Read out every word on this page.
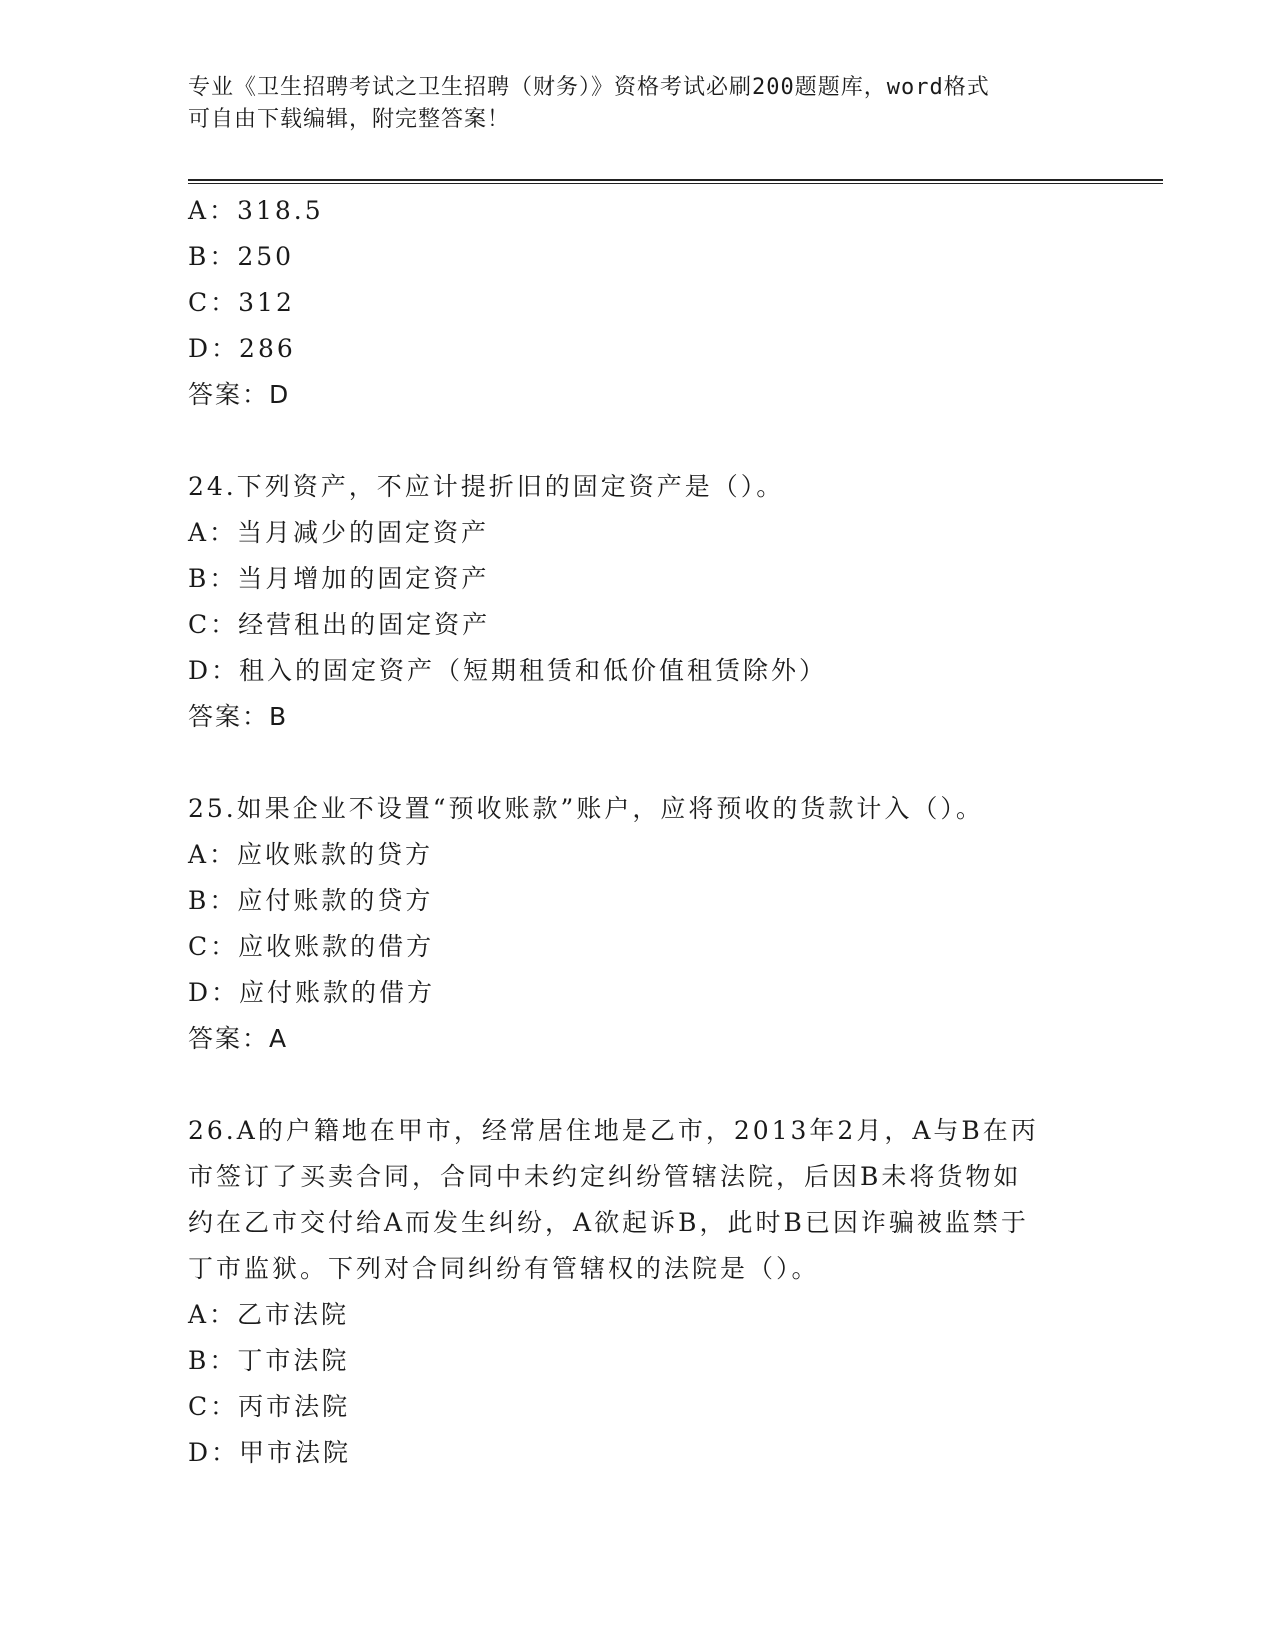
专业《卫生招聘考试之卫生招聘（财务）》资格考试必刷200题题库，word格式
可自由下载编辑，附完整答案！
A：318.5
B：250
C：312
D：286
答案：D
24.下列资产，不应计提折旧的固定资产是（）。
A：当月减少的固定资产
B：当月增加的固定资产
C：经营租出的固定资产
D：租入的固定资产（短期租赁和低价值租赁除外）
答案：B
25.如果企业不设置“预收账款”账户，应将预收的货款计入（）。
A：应收账款的贷方
B：应付账款的贷方
C：应收账款的借方
D：应付账款的借方
答案：A
26.A的户籍地在甲市，经常居住地是乙市，2013年2月，A与B在丙
市签订了买卖合同，合同中未约定纠纷管辖法院，后因B未将货物如
约在乙市交付给A而发生纠纷，A欲起诉B，此时B已因诈骗被监禁于
丁市监狱。下列对合同纠纷有管辖权的法院是（）。
A：乙市法院
B：丁市法院
C：丙市法院
D：甲市法院
